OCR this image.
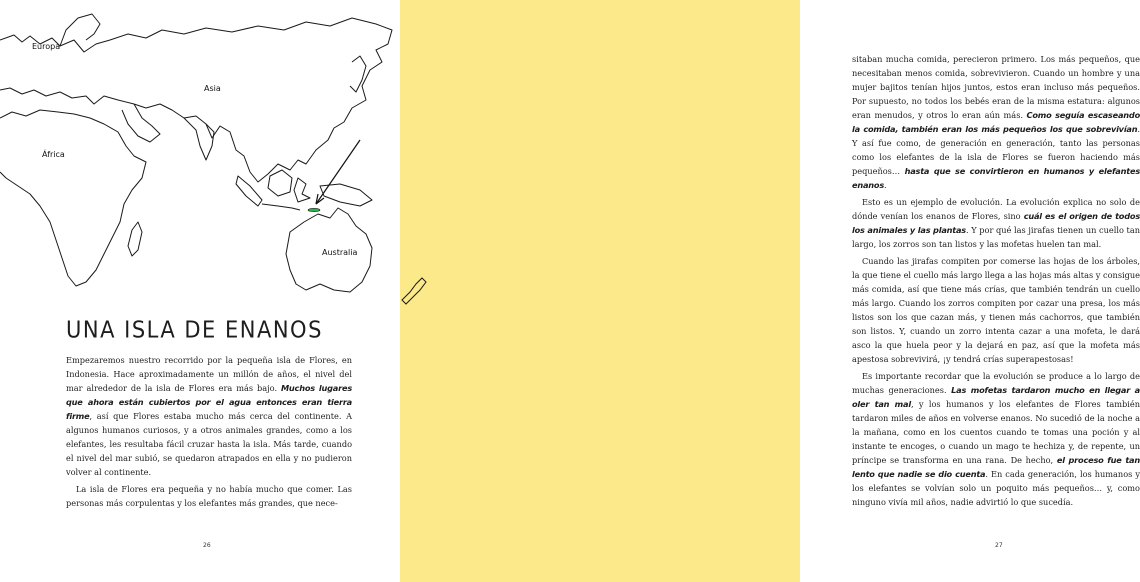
Europa
Asia
África
Australia
UNA ISLA DE ENANOS

Empezaremos nuestro recorrido por la pequeña isla de Flores, en Indonesia. Hace aproximadamente un millón de años, el nivel del mar alrededor de la isla de Flores era más bajo. Muchos lugares que ahora están cubiertos por el agua entonces eran tierra firme, así que Flores estaba mucho más cerca del continente. A algunos humanos curiosos, y a otros animales grandes, como a los elefantes, les resultaba fácil cruzar hasta la isla. Más tarde, cuando el nivel del mar subió, se quedaron atrapados en ella y no pudieron volver al continente.

La isla de Flores era pequeña y no había mucho que comer. Las personas más corpulentas y los elefantes más grandes, que nece-

26

sitaban mucha comida, perecieron primero. Los más pequeños, que necesitaban menos comida, sobrevivieron. Cuando un hombre y una mujer bajitos tenían hijos juntos, estos eran incluso más pequeños. Por supuesto, no todos los bebés eran de la misma estatura: algunos eran menudos, y otros lo eran aún más. Como seguía escaseando la comida, también eran los más pequeños los que sobrevivían. Y así fue como, de generación en generación, tanto las personas como los elefantes de la isla de Flores se fueron haciendo más pequeños… hasta que se convirtieron en humanos y elefantes enanos.

Esto es un ejemplo de evolución. La evolución explica no solo de dónde venían los enanos de Flores, sino cuál es el origen de todos los animales y las plantas. Y por qué las jirafas tienen un cuello tan largo, los zorros son tan listos y las mofetas huelen tan mal.

Cuando las jirafas compiten por comerse las hojas de los árboles, la que tiene el cuello más largo llega a las hojas más altas y consigue más comida, así que tiene más crías, que también tendrán un cuello más largo. Cuando los zorros compiten por cazar una presa, los más listos son los que cazan más, y tienen más cachorros, que también son listos. Y, cuando un zorro intenta cazar a una mofeta, le dará asco la que huela peor y la dejará en paz, así que la mofeta más apestosa sobrevivirá, ¡y tendrá crías superapestosas!

Es importante recordar que la evolución se produce a lo largo de muchas generaciones. Las mofetas tardaron mucho en llegar a oler tan mal, y los humanos y los elefantes de Flores también tardaron miles de años en volverse enanos. No sucedió de la noche a la mañana, como en los cuentos cuando te tomas una poción y al instante te encoges, o cuando un mago te hechiza y, de repente, un príncipe se transforma en una rana. De hecho, el proceso fue tan lento que nadie se dio cuenta. En cada generación, los humanos y los elefantes se volvían solo un poquito más pequeños… y, como ninguno vivía mil años, nadie advirtió lo que sucedía.

27
